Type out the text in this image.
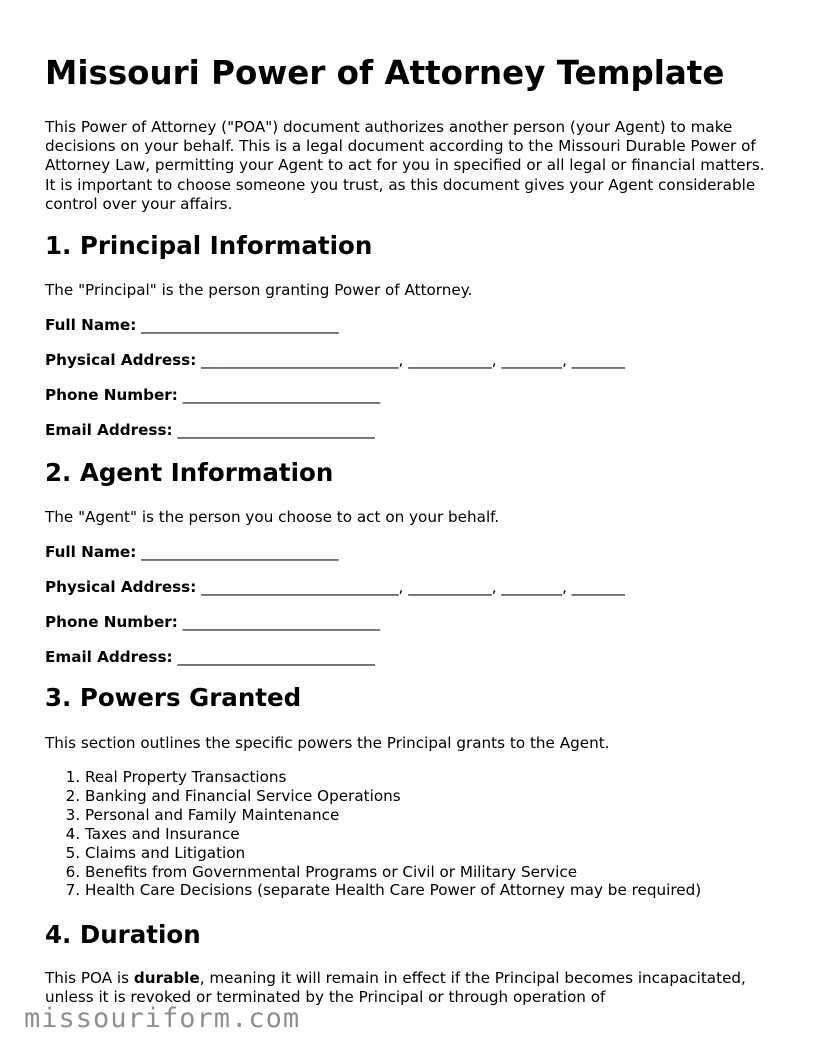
Missouri Power of Attorney Template

This Power of Attorney ("POA") document authorizes another person (your Agent) to make decisions on your behalf. This is a legal document according to the Missouri Durable Power of Attorney Law, permitting your Agent to act for you in specified or all legal or financial matters. It is important to choose someone you trust, as this document gives your Agent considerable control over your affairs.

1. Principal Information

The "Principal" is the person granting Power of Attorney.

Full Name: __________________________

Physical Address: __________________________, ___________, ________, _______

Phone Number: __________________________

Email Address: __________________________

2. Agent Information

The "Agent" is the person you choose to act on your behalf.

Full Name: __________________________

Physical Address: __________________________, ___________, ________, _______

Phone Number: __________________________

Email Address: __________________________

3. Powers Granted

This section outlines the specific powers the Principal grants to the Agent.

1. Real Property Transactions
2. Banking and Financial Service Operations
3. Personal and Family Maintenance
4. Taxes and Insurance
5. Claims and Litigation
6. Benefits from Governmental Programs or Civil or Military Service
7. Health Care Decisions (separate Health Care Power of Attorney may be required)
4. Duration

This POA is durable, meaning it will remain in effect if the Principal becomes incapacitated, unless it is revoked or terminated by the Principal or through operation of

missouriform.com
